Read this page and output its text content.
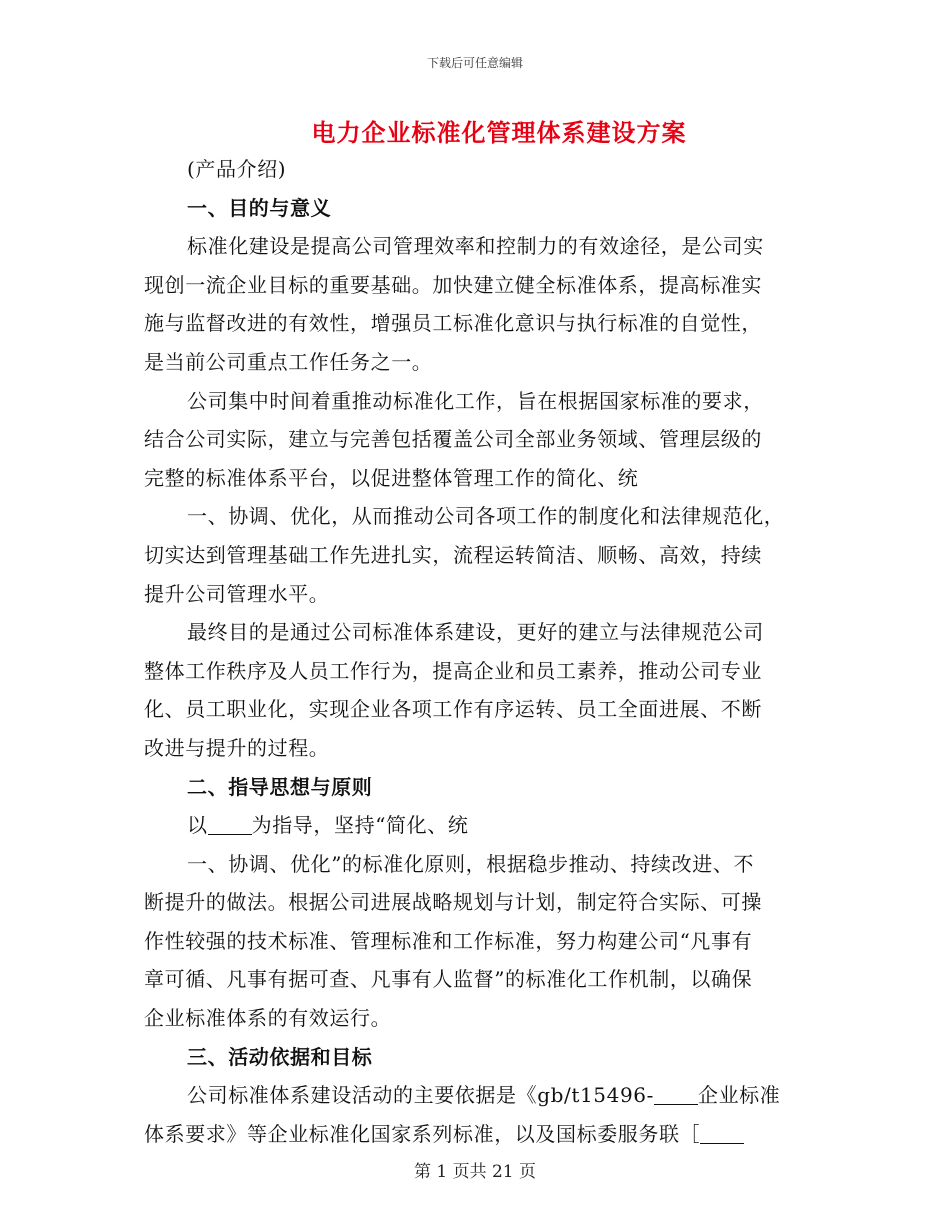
下载后可任意编辑
电力企业标准化管理体系建设方案
(产品介绍)
一、目的与意义
标准化建设是提高公司管理效率和控制力的有效途径，是公司实
现创一流企业目标的重要基础。加快建立健全标准体系，提高标准实
施与监督改进的有效性，增强员工标准化意识与执行标准的自觉性，
是当前公司重点工作任务之一。
公司集中时间着重推动标准化工作，旨在根据国家标准的要求，
结合公司实际，建立与完善包括覆盖公司全部业务领域、管理层级的
完整的标准体系平台，以促进整体管理工作的简化、统
一、协调、优化，从而推动公司各项工作的制度化和法律规范化，
切实达到管理基础工作先进扎实，流程运转简洁、顺畅、高效，持续
提升公司管理水平。
最终目的是通过公司标准体系建设，更好的建立与法律规范公司
整体工作秩序及人员工作行为，提高企业和员工素养，推动公司专业
化、员工职业化，实现企业各项工作有序运转、员工全面进展、不断
改进与提升的过程。
二、指导思想与原则
以 为指导，坚持“简化、统
一、协调、优化”的标准化原则，根据稳步推动、持续改进、不
断提升的做法。根据公司进展战略规划与计划，制定符合实际、可操
作性较强的技术标准、管理标准和工作标准，努力构建公司“凡事有
章可循、凡事有据可查、凡事有人监督”的标准化工作机制，以确保
企业标准体系的有效运行。
三、活动依据和目标
公司标准体系建设活动的主要依据是《gb/t15496- 企业标准
体系要求》等企业标准化国家系列标准，以及国标委服务联［
第 1 页共 21 页
